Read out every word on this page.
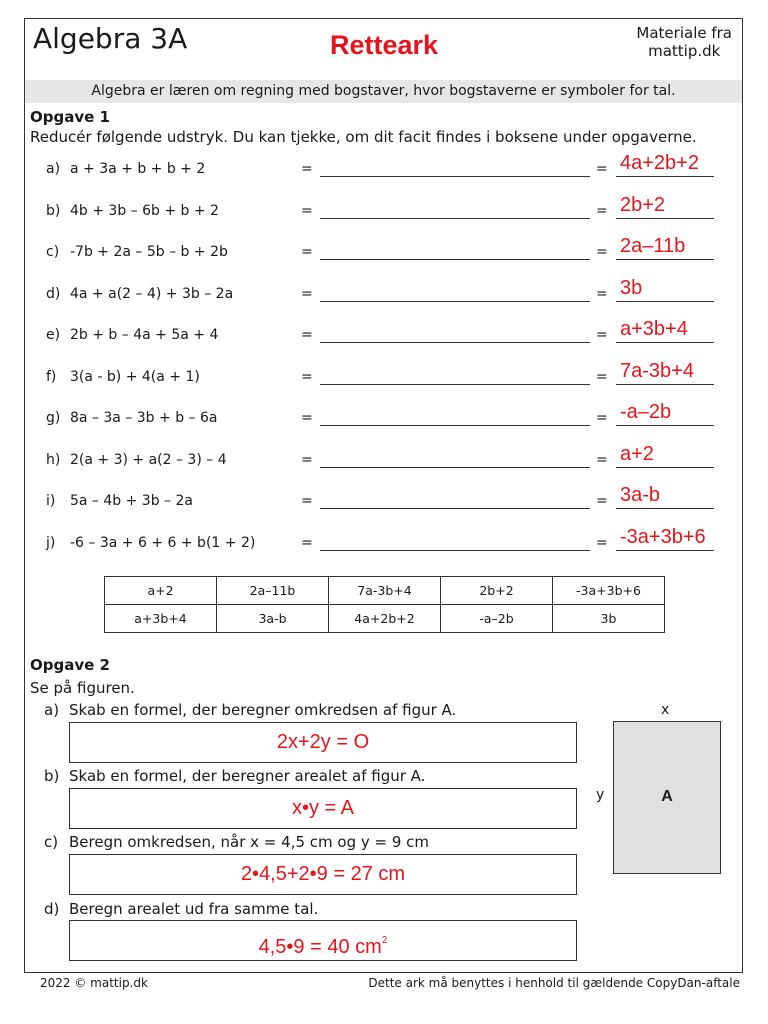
Algebra 3A	Retteark	Materiale fra
mattip.dk
Algebra er læren om regning med bogstaver, hvor bogstaverne er symboler for tal.
Opgave 1
Reducér følgende udstryk. Du kan tjekke, om dit facit findes i boksene under opgaverne.
a) a + 3a + b + b + 2	=	= 4a+2b+2
b) 4b + 3b – 6b + b + 2	=	= 2b+2
c) -7b + 2a – 5b – b + 2b	=	= 2a–11b
d) 4a + a(2 – 4) + 3b – 2a	=	= 3b
e) 2b + b – 4a + 5a + 4	=	= a+3b+4
f) 3(a - b) + 4(a + 1)	=	= 7a-3b+4
g) 8a – 3a – 3b + b – 6a	=	= -a–2b
h) 2(a + 3) + a(2 – 3) – 4	=	= a+2
i) 5a – 4b + 3b – 2a	=	= 3a-b
j) -6 – 3a + 6 + 6 + b(1 + 2)	=	= -3a+3b+6
a+2	2a–11b	7a-3b+4	2b+2	-3a+3b+6
a+3b+4	3a-b	4a+2b+2	-a–2b	3b
Opgave 2
Se på figuren.
a) Skab en formel, der beregner omkredsen af figur A.
2x+2y = O
b) Skab en formel, der beregner arealet af figur A.
x•y = A
c) Beregn omkredsen, når x = 4,5 cm og y = 9 cm
2•4,5+2•9 = 27 cm
d) Beregn arealet ud fra samme tal.
4,5•9 = 40 $cm^2$
x
y	A
2022 © mattip.dk	Dette ark må benyttes i henhold til gældende CopyDan-aftale
